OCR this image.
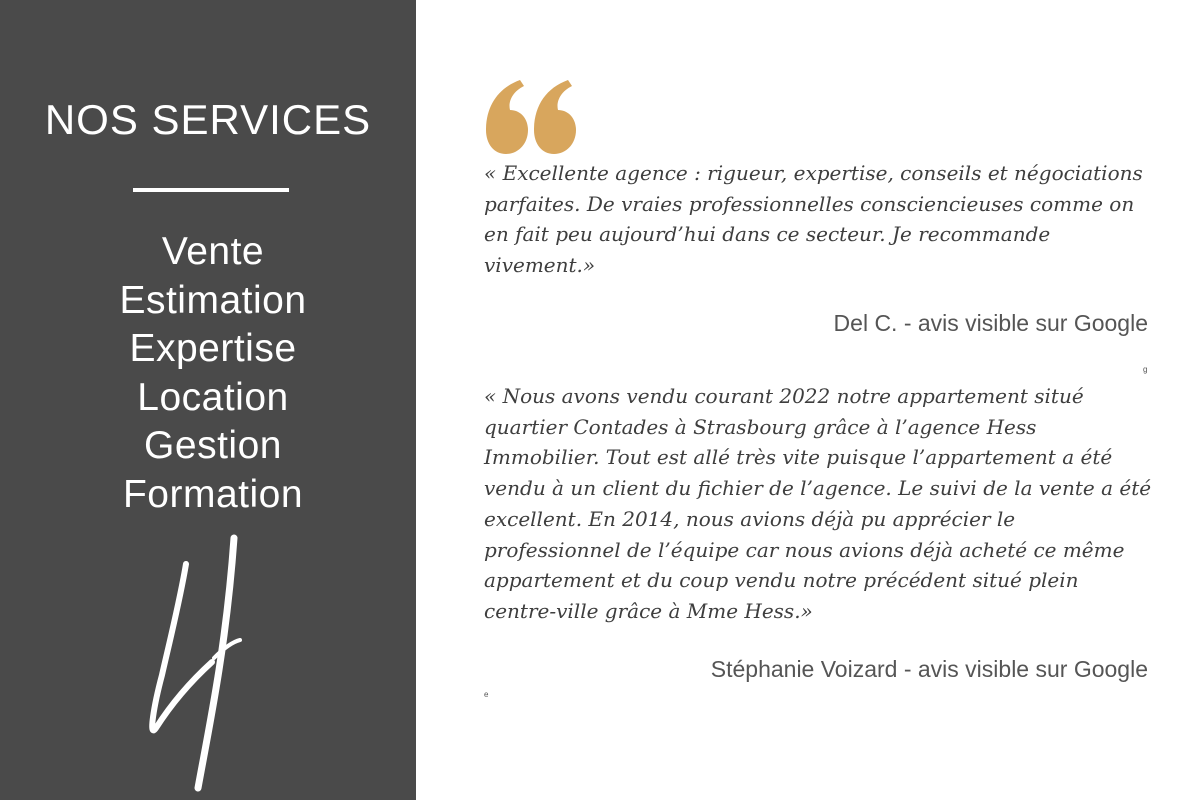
NOS SERVICES
Vente
Estimation
Expertise
Location
Gestion
Formation

« Excellente agence : rigueur, expertise, conseils et négociations parfaites. De vraies professionnelles consciencieuses comme on en fait peu aujourd’hui dans ce secteur. Je recommande vivement.»

Del C. - avis visible sur Google

g

« Nous avons vendu courant 2022 notre appartement situé quartier Contades à Strasbourg grâce à l’agence Hess Immobilier. Tout est allé très vite puisque l’appartement a été vendu à un client du fichier de l’agence. Le suivi de la vente a été excellent. En 2014, nous avions déjà pu apprécier le professionnel de l’équipe car nous avions déjà acheté ce même appartement et du coup vendu notre précédent situé plein centre-ville grâce à Mme Hess.»

Stéphanie Voizard - avis visible sur Google

e
